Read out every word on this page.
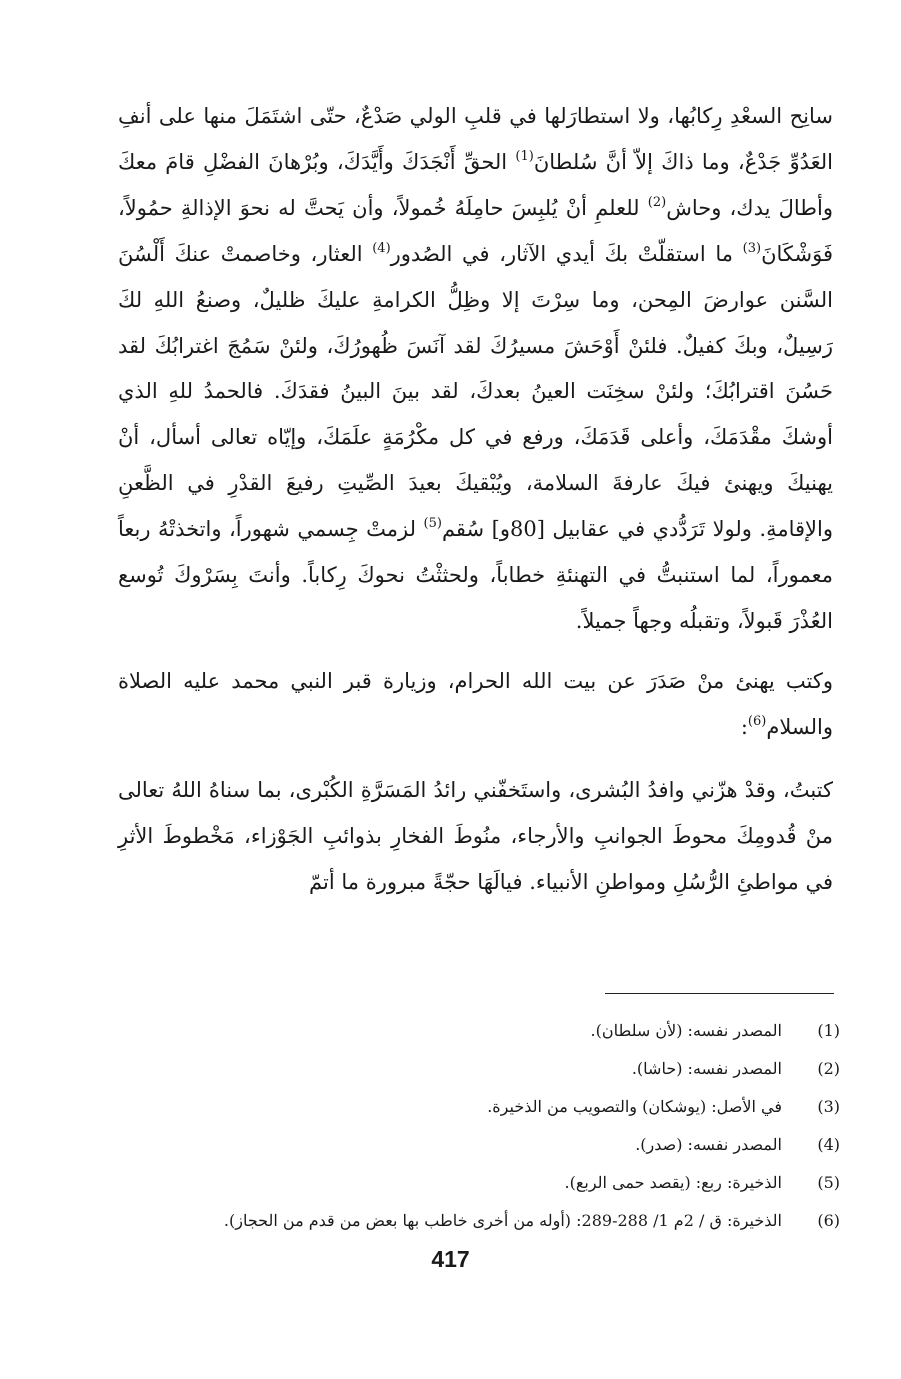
سانِح السعْدِ رِكابُها، ولا استطارَلها في قلبِ الولي صَدْعٌ، حتّى اشتَمَلَ منها على أنفِ العَدُوِّ جَدْعٌ، وما ذاكَ إلاّ أنَّ سُلطانَ$^{(1)}$ الحقِّ أَنْجَدَكَ وأَيَّدَكَ، وبُرْهانَ الفضْلِ قامَ معكَ وأطالَ يدك، وحاش$^{(2)}$ للعلمِ أنْ يُلبِسَ حامِلَهُ خُمولاً، وأن يَحتَّ له نحوَ الإذالةِ حمُولاً، فَوَشْكَانَ$^{(3)}$ ما استقلّتْ بكَ أيدي الآثار، في الصُدور$^{(4)}$ العثار، وخاصمتْ عنكَ أَلْسُنَ السَّنن عوارضَ المِحن، وما سِرْتَ إلا وظِلُّ الكرامةِ عليكَ ظليلٌ، وصنعُ اللهِ لكَ رَسِيلٌ، وبكَ كفيلٌ. فلئنْ أَوْحَشَ مسيرُكَ لقد آنَسَ ظُهورُكَ، ولئنْ سَمُجَ اغترابُكَ لقد حَسُنَ اقترابُكَ؛ ولئنْ سخِنَت العينُ بعدكَ، لقد بينَ البينُ فقدَكَ. فالحمدُ للهِ الذي أوشكَ مقْدَمَكَ، وأعلى قَدَمَكَ، ورفع في كل مكْرُمَةٍ علَمَكَ، وإيّاه تعالى أسأل، أنْ يهنيكَ ويهنئ فيكَ عارفةَ السلامة، ويُبْقيكَ بعيدَ الصِّيتِ رفيعَ القدْرِ في الظَّعنِ والإقامةِ. ولولا تَرَدُّدي في عقابيل [80و] سُقم$^{(5)}$ لزمتْ جِسمي شهوراً، واتخذتْهُ ربعاً معموراً، لما استنبتُّ في التهنئةِ خطاباً، ولحثثْتُ نحوكَ رِكاباً. وأنتَ بِسَرْوكَ تُوسع العُذْرَ قَبولاً، وتقبلُه وجهاً جميلاً.

وكتب يهنئ منْ صَدَرَ عن بيت الله الحرام، وزيارة قبر النبي محمد عليه الصلاة والسلام$^{(6)}$:

كتبتُ، وقدْ هزّني وافدُ البُشرى، واستَخفّني رائدُ المَسَرَّةِ الكُبْرى، بما سناهُ اللهُ تعالى منْ قُدومِكَ محوطَ الجوانبِ والأرجاء، منُوطَ الفخارِ بذوائبِ الجَوْزاء، مَخْطوطَ الأثرِ في مواطئِ الرُّسُلِ ومواطنِ الأنبياء. فيالَهَا حجّةً مبرورة ما أتمّ

(1)
المصدر نفسه: (لأن سلطان).
(2)
المصدر نفسه: (حاشا).
(3)
في الأصل: (يوشكان) والتصويب من الذخيرة.
(4)
المصدر نفسه: (صدر).
(5)
الذخيرة: ربع: (يقصد حمى الربع).
(6)
الذخيرة: ق / 2م 1/ 288-289: (أوله من أخرى خاطب بها بعض من قدم من الحجاز).
417
